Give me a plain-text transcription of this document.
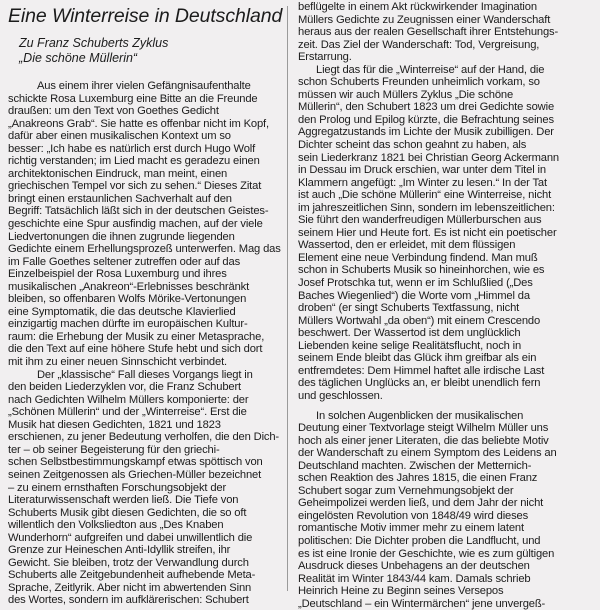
Eine Winterreise in Deutschland
Zu Franz Schuberts Zyklus
„Die schöne Müllerin“
Aus einem ihrer vielen Gefängnisaufenthalte
schickte Rosa Luxemburg eine Bitte an die Freunde
draußen: um den Text von Goethes Gedicht
„Anakreons Grab“. Sie hatte es offenbar nicht im Kopf,
dafür aber einen musikalischen Kontext um so
besser: „Ich habe es natürlich erst durch Hugo Wolf
richtig verstanden; im Lied macht es geradezu einen
architektonischen Eindruck, man meint, einen
griechischen Tempel vor sich zu sehen.“ Dieses Zitat
bringt einen erstaunlichen Sachverhalt auf den
Begriff: Tatsächlich läßt sich in der deutschen Geistes-
geschichte eine Spur ausfindig machen, auf der viele
Liedvertonungen die ihnen zugrunde liegenden
Gedichte einem Erhellungsprozeß unterwerfen. Mag das
im Falle Goethes seltener zutreffen oder auf das
Einzelbeispiel der Rosa Luxemburg und ihres
musikalischen „Anakreon“-Erlebnisses beschränkt
bleiben, so offenbaren Wolfs Mörike-Vertonungen
eine Symptomatik, die das deutsche Klavierlied
einzigartig machen dürfte im europäischen Kultur-
raum: die Erhebung der Musik zu einer Metasprache,
die den Text auf eine höhere Stufe hebt und sich dort
mit ihm zu einer neuen Sinnschicht verbindet.
Der „klassische“ Fall dieses Vorgangs liegt in
den beiden Liederzyklen vor, die Franz Schubert
nach Gedichten Wilhelm Müllers komponierte: der
„Schönen Müllerin“ und der „Winterreise“. Erst die
Musik hat diesen Gedichten, 1821 und 1823
erschienen, zu jener Bedeutung verholfen, die den Dich-
ter – ob seiner Begeisterung für den griechi-
schen Selbstbestimmungskampf etwas spöttisch von
seinen Zeitgenossen als Griechen-Müller bezeichnet
– zu einem ernsthaften Forschungsobjekt der
Literaturwissenschaft werden ließ. Die Tiefe von
Schuberts Musik gibt diesen Gedichten, die so oft
willentlich den Volksliedton aus „Des Knaben
Wunderhorn“ aufgreifen und dabei unwillentlich die
Grenze zur Heineschen Anti-Idyllik streifen, ihr
Gewicht. Sie bleiben, trotz der Verwandlung durch
Schuberts alle Zeitgebundenheit aufhebende Meta-
Sprache, Zeitlyrik. Aber nicht im abwertenden Sinn
des Wortes, sondern im aufklärerischen: Schubert
beflügelte in einem Akt rückwirkender Imagination
Müllers Gedichte zu Zeugnissen einer Wanderschaft
heraus aus der realen Gesellschaft ihrer Entstehungs-
zeit. Das Ziel der Wanderschaft: Tod, Vergreisung,
Erstarrung.
Liegt das für die „Winterreise“ auf der Hand, die
schon Schuberts Freunden unheimlich vorkam, so
müssen wir auch Müllers Zyklus „Die schöne
Müllerin“, den Schubert 1823 um drei Gedichte sowie
den Prolog und Epilog kürzte, die Befrachtung seines
Aggregatzustands im Lichte der Musik zubilligen. Der
Dichter scheint das schon geahnt zu haben, als
sein Liederkranz 1821 bei Christian Georg Ackermann
in Dessau im Druck erschien, war unter dem Titel in
Klammern angefügt: „Im Winter zu lesen.“ In der Tat
ist auch „Die schöne Müllerin“ eine Winterreise, nicht
im jahreszeitlichen Sinn, sondern im lebenszeitlichen:
Sie führt den wanderfreudigen Müllerburschen aus
seinem Hier und Heute fort. Es ist nicht ein poetischer
Wassertod, den er erleidet, mit dem flüssigen
Element eine neue Verbindung findend. Man muß
schon in Schuberts Musik so hineinhorchen, wie es
Josef Protschka tut, wenn er im Schlußlied („Des
Baches Wiegenlied“) die Worte vom „Himmel da
droben“ (er singt Schuberts Textfassung, nicht
Müllers Wortwahl „da oben“) mit einem Crescendo
beschwert. Der Wassertod ist dem unglücklich
Liebenden keine selige Realitätsflucht, noch in
seinem Ende bleibt das Glück ihm greifbar als ein
entfremdetes: Dem Himmel haftet alle irdische Last
des täglichen Unglücks an, er bleibt unendlich fern
und geschlossen.
In solchen Augenblicken der musikalischen
Deutung einer Textvorlage steigt Wilhelm Müller uns
hoch als einer jener Literaten, die das beliebte Motiv
der Wanderschaft zu einem Symptom des Leidens an
Deutschland machten. Zwischen der Metternich-
schen Reaktion des Jahres 1815, die einen Franz
Schubert sogar zum Vernehmungsobjekt der
Geheimpolizei werden ließ, und dem Jahr der nicht
eingelösten Revolution von 1848/49 wird dieses
romantische Motiv immer mehr zu einem latent
politischen: Die Dichter proben die Landflucht, und
es ist eine Ironie der Geschichte, wie es zum gültigen
Ausdruck dieses Unbehagens an der deutschen
Realität im Winter 1843/44 kam. Damals schrieb
Heinrich Heine zu Beginn seines Versepos
„Deutschland – ein Wintermärchen“ jene unvergeß-
